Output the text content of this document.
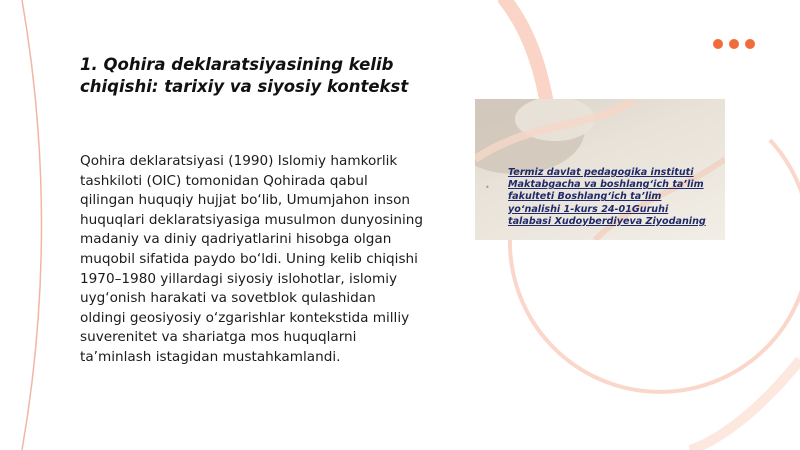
1. Qohira deklaratsiyasining kelib chiqishi: tarixiy va siyosiy kontekst

Qohira deklaratsiyasi (1990) Islomiy hamkorlik tashkiloti (OIC) tomonidan Qohirada qabul qilingan huquqiy hujjat bo‘lib, Umumjahon inson huquqlari deklaratsiyasiga musulmon dunyosining madaniy va diniy qadriyatlarini hisobga olgan muqobil sifatida paydo bo‘ldi. Uning kelib chiqishi 1970–1980 yillardagi siyosiy islohotlar, islomiy uyg‘onish harakati va sovetblok qulashidan oldingi geosiyosiy o‘zgarishlar kontekstida milliy suverenitet va shariatga mos huquqlarni ta’minlash istagidan mustahkamlandi.

•

Termiz davlat pedagogika instituti Maktabgacha va boshlang‘ich ta’lim fakulteti Boshlang‘ich ta’lim yo‘nalishi 1-kurs 24-01Guruhi talabasi Xudoyberdiyeva Ziyodaning
